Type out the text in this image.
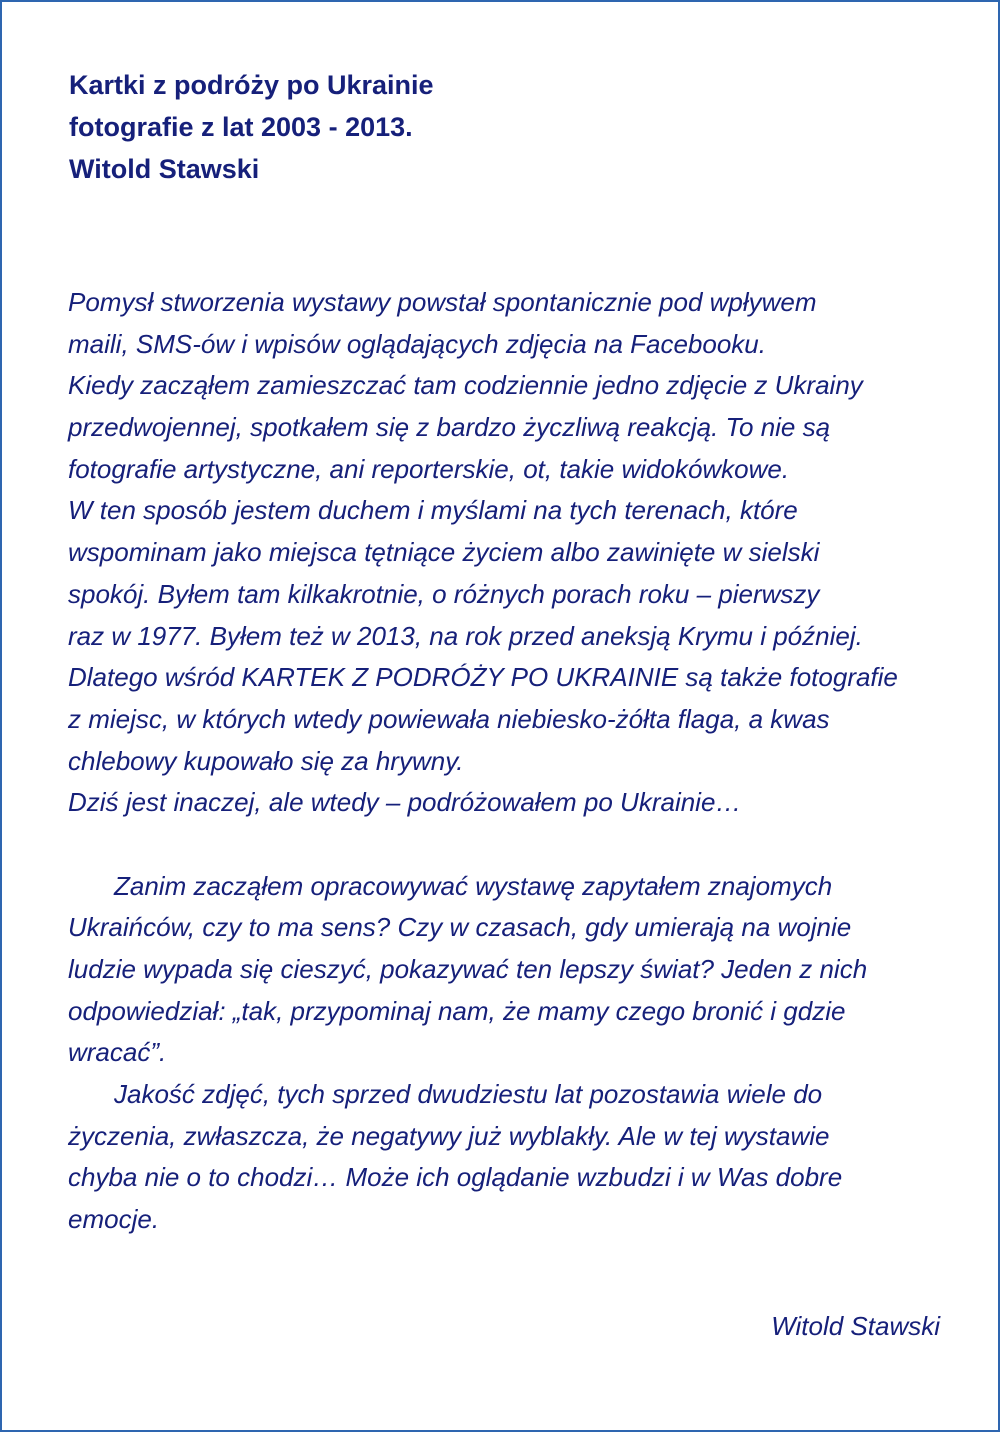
Kartki z podróży po Ukrainie
fotografie z lat 2003 - 2013.
Witold Stawski
Pomysł stworzenia wystawy powstał spontanicznie pod wpływem
maili, SMS-ów i wpisów oglądających zdjęcia na Facebooku.
Kiedy zacząłem zamieszczać tam codziennie jedno zdjęcie z Ukrainy
przedwojennej, spotkałem się z bardzo życzliwą reakcją. To nie są
fotografie artystyczne, ani reporterskie, ot, takie widokówkowe.
W ten sposób jestem duchem i myślami na tych terenach, które
wspominam jako miejsca tętniące życiem albo zawinięte w sielski
spokój. Byłem tam kilkakrotnie, o różnych porach roku – pierwszy
raz w 1977. Byłem też w 2013, na rok przed aneksją Krymu i później.
Dlatego wśród KARTEK Z PODRÓŻY PO UKRAINIE są także fotografie
z miejsc, w których wtedy powiewała niebiesko-żółta flaga, a kwas
chlebowy kupowało się za hrywny.
Dziś jest inaczej, ale wtedy – podróżowałem po Ukrainie…
Zanim zacząłem opracowywać wystawę zapytałem znajomych
Ukraińców, czy to ma sens? Czy w czasach, gdy umierają na wojnie
ludzie wypada się cieszyć, pokazywać ten lepszy świat? Jeden z nich
odpowiedział: „tak, przypominaj nam, że mamy czego bronić i gdzie
wracać”.
Jakość zdjęć, tych sprzed dwudziestu lat pozostawia wiele do
życzenia, zwłaszcza, że negatywy już wyblakły. Ale w tej wystawie
chyba nie o to chodzi… Może ich oglądanie wzbudzi i w Was dobre
emocje.
Witold Stawski
